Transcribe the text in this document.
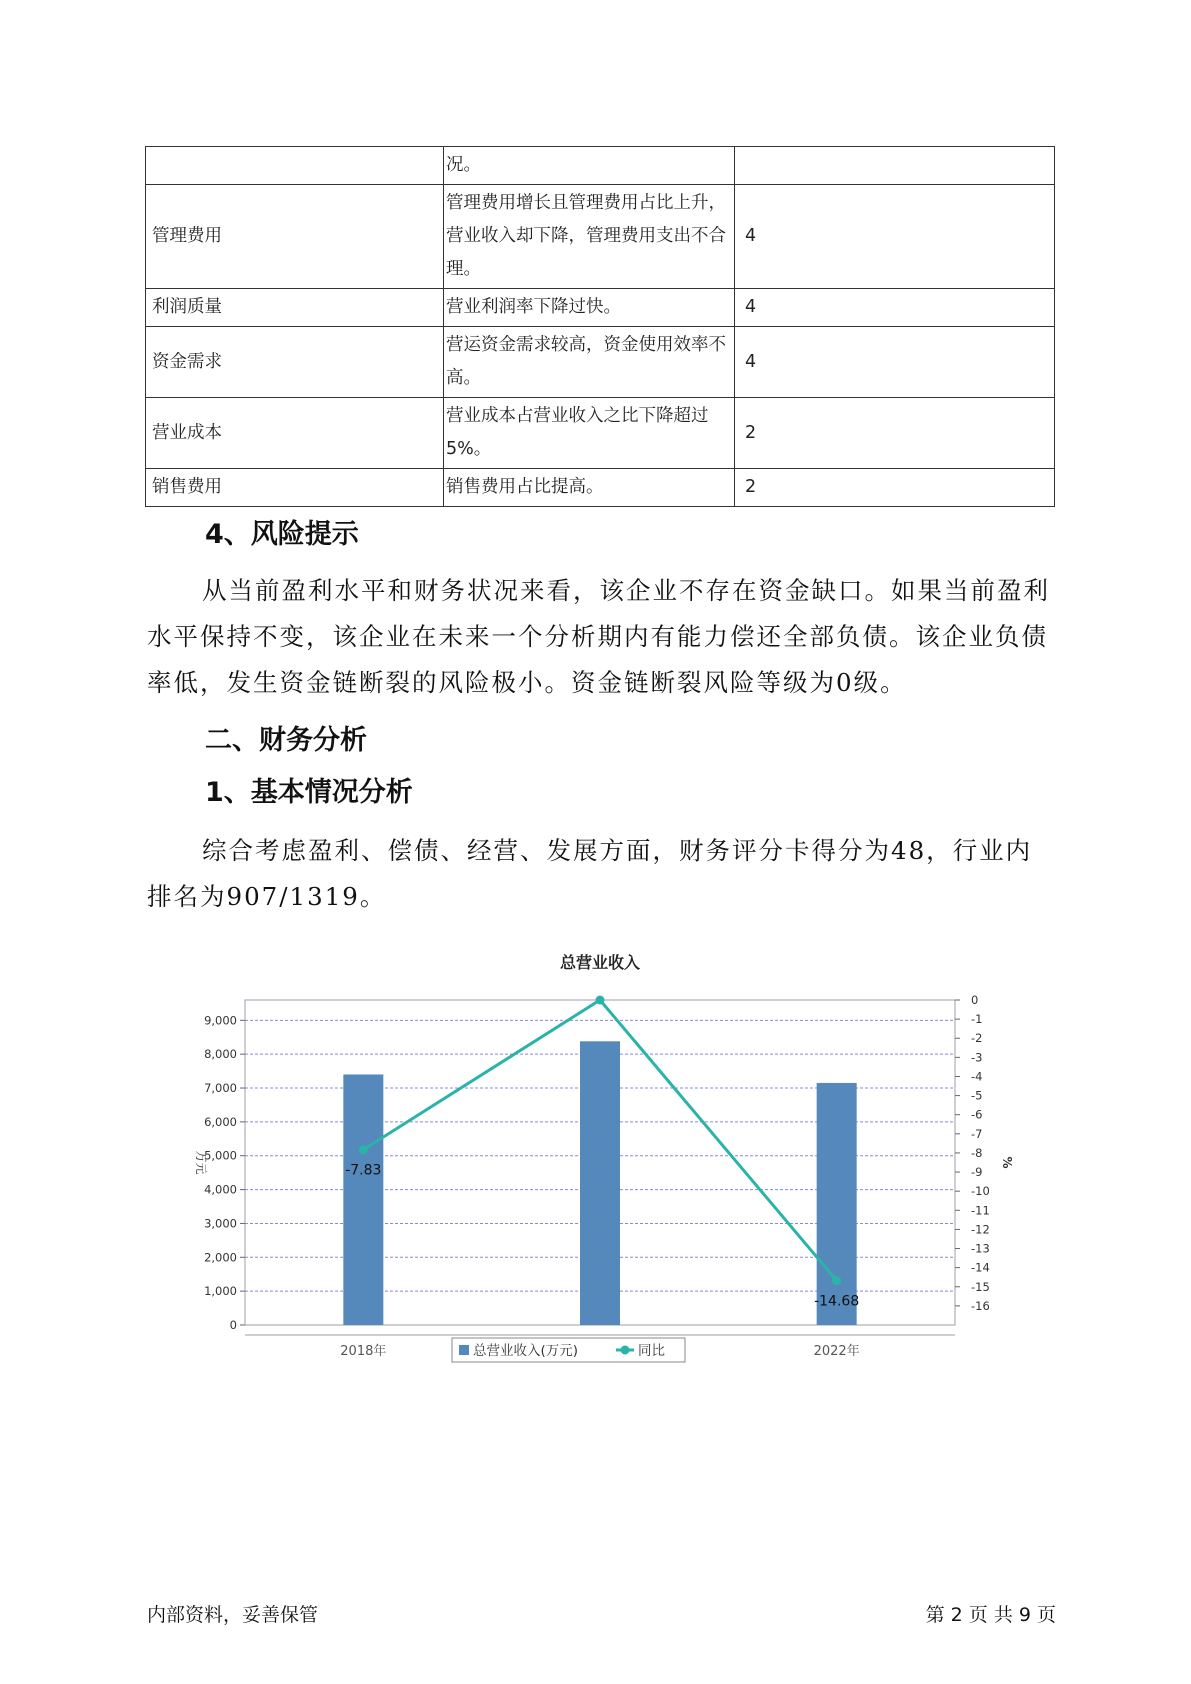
	况。	
管理费用	管理费用增长且管理费用占比上升，营业收入却下降，管理费用支出不合理。	4
利润质量	营业利润率下降过快。	4
资金需求	营运资金需求较高，资金使用效率不高。	4
营业成本	营业成本占营业收入之比下降超过5%。	2
销售费用	销售费用占比提高。	2
4、风险提示

从当前盈利水平和财务状况来看，该企业不存在资金缺口。如果当前盈利水平保持不变，该企业在未来一个分析期内有能力偿还全部负债。该企业负债率低，发生资金链断裂的风险极小。资金链断裂风险等级为0级。

二、财务分析
1、基本情况分析

综合考虑盈利、偿债、经营、发展方面，财务评分卡得分为48，行业内排名为907/1319。

总营业收入
0
1,000
2,000
3,000
4,000
5,000
6,000
7,000
8,000
9,000
0
-1
-2
-3
-4
-5
-6
-7
-8
-9
-10
-11
-12
-13
-14
-15
-16
万元	%
2018年	2022年
-7.83
-14.68
总营业收入(万元)	同比
内部资料，妥善保管	第 2 页 共 9 页
